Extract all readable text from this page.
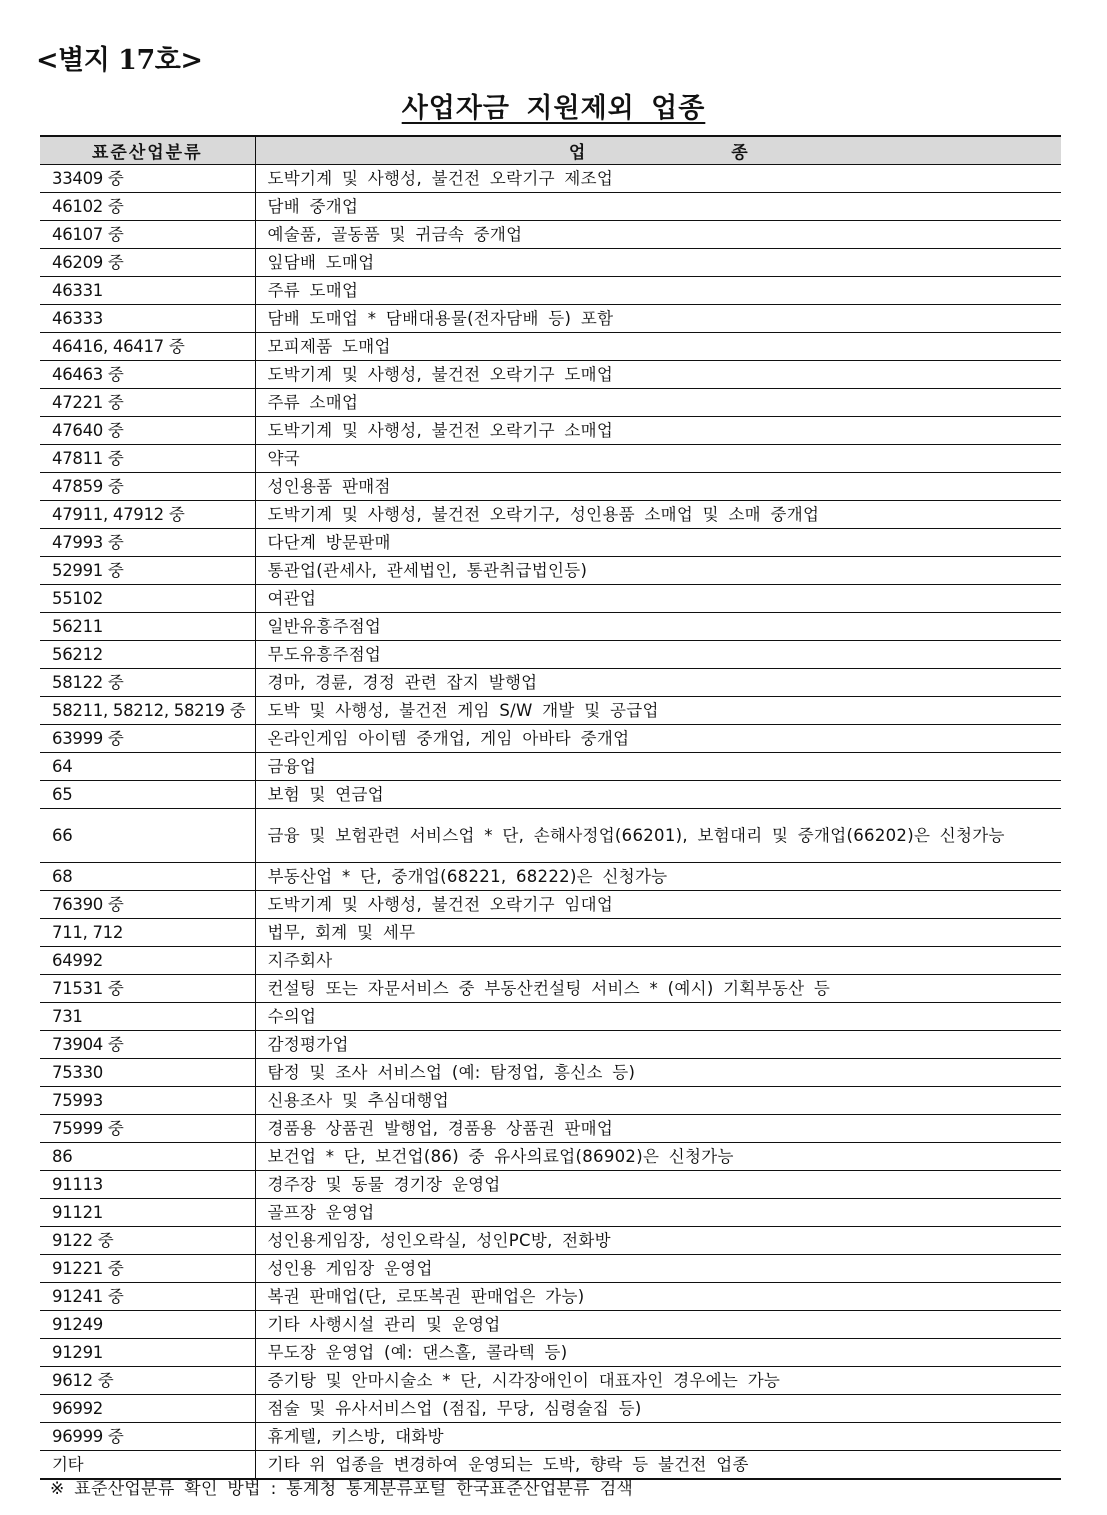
<별지 17호>
사업자금 지원제외 업종
표준산업분류	업 종
33409 중	도박기계 및 사행성, 불건전 오락기구 제조업
46102 중	담배 중개업
46107 중	예술품, 골동품 및 귀금속 중개업
46209 중	잎담배 도매업
46331	주류 도매업
46333	담배 도매업 * 담배대용물(전자담배 등) 포함
46416, 46417 중	모피제품 도매업
46463 중	도박기계 및 사행성, 불건전 오락기구 도매업
47221 중	주류 소매업
47640 중	도박기계 및 사행성, 불건전 오락기구 소매업
47811 중	약국
47859 중	성인용품 판매점
47911, 47912 중	도박기계 및 사행성, 불건전 오락기구, 성인용품 소매업 및 소매 중개업
47993 중	다단계 방문판매
52991 중	통관업(관세사, 관세법인, 통관취급법인등)
55102	여관업
56211	일반유흥주점업
56212	무도유흥주점업
58122 중	경마, 경륜, 경정 관련 잡지 발행업
58211, 58212, 58219 중	도박 및 사행성, 불건전 게임 S/W 개발 및 공급업
63999 중	온라인게임 아이템 중개업, 게임 아바타 중개업
64	금융업
65	보험 및 연금업
66	금융 및 보험관련 서비스업 * 단, 손해사정업(66201), 보험대리 및 중개업(66202)은 신청가능
68	부동산업 * 단, 중개업(68221, 68222)은 신청가능
76390 중	도박기계 및 사행성, 불건전 오락기구 임대업
711, 712	법무, 회계 및 세무
64992	지주회사
71531 중	컨설팅 또는 자문서비스 중 부동산컨설팅 서비스 * (예시) 기획부동산 등
731	수의업
73904 중	감정평가업
75330	탐정 및 조사 서비스업 (예: 탐정업, 흥신소 등)
75993	신용조사 및 추심대행업
75999 중	경품용 상품권 발행업, 경품용 상품권 판매업
86	보건업 * 단, 보건업(86) 중 유사의료업(86902)은 신청가능
91113	경주장 및 동물 경기장 운영업
91121	골프장 운영업
9122 중	성인용게임장, 성인오락실, 성인PC방, 전화방
91221 중	성인용 게임장 운영업
91241 중	복권 판매업(단, 로또복권 판매업은 가능)
91249	기타 사행시설 관리 및 운영업
91291	무도장 운영업 (예: 댄스홀, 콜라텍 등)
9612 중	증기탕 및 안마시술소 * 단, 시각장애인이 대표자인 경우에는 가능
96992	점술 및 유사서비스업 (점집, 무당, 심령술집 등)
96999 중	휴게텔, 키스방, 대화방
기타	기타 위 업종을 변경하여 운영되는 도박, 향락 등 불건전 업종
※ 표준산업분류 확인 방법 : 통계청 통계분류포털 한국표준산업분류 검색
